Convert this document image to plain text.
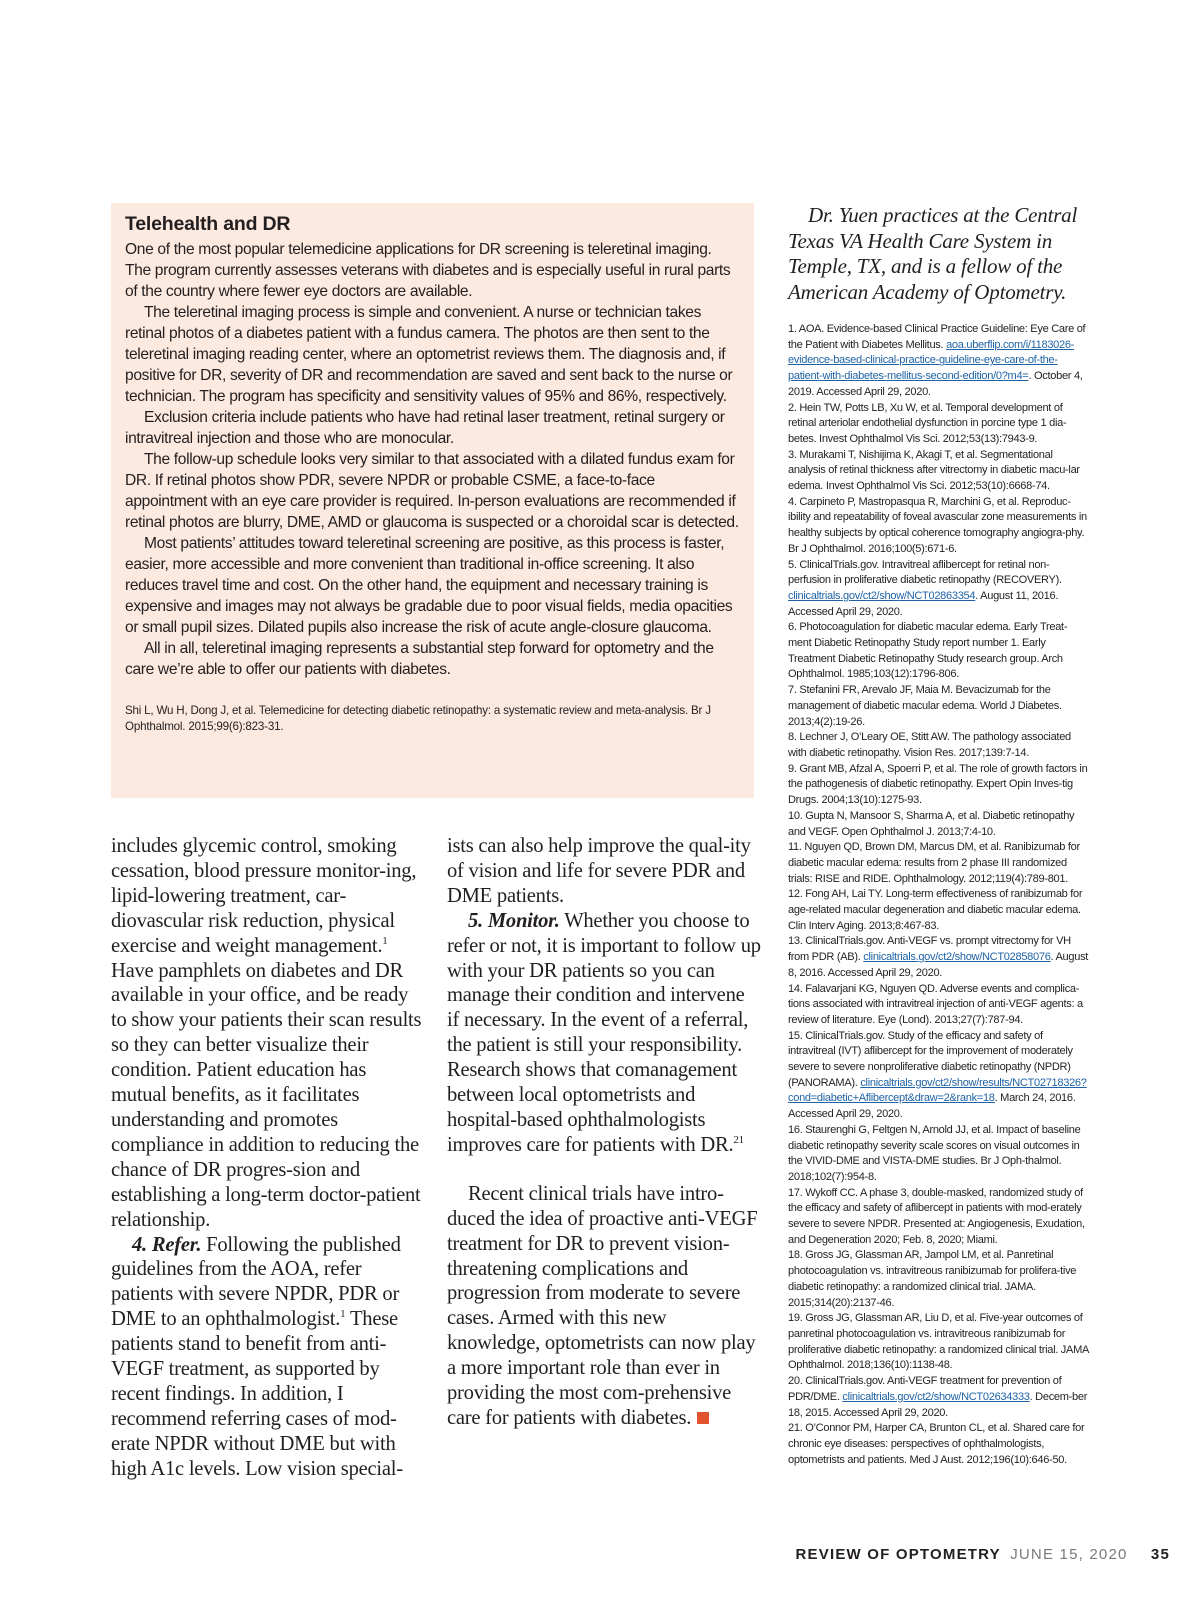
Telehealth and DR

One of the most popular telemedicine applications for DR screening is teleretinal imaging. The program currently assesses veterans with diabetes and is especially useful in rural parts of the country where fewer eye doctors are available.

The teleretinal imaging process is simple and convenient. A nurse or technician takes retinal photos of a diabetes patient with a fundus camera. The photos are then sent to the teleretinal imaging reading center, where an optometrist reviews them. The diagnosis and, if positive for DR, severity of DR and recommendation are saved and sent back to the nurse or technician. The program has specificity and sensitivity values of 95% and 86%, respectively.

Exclusion criteria include patients who have had retinal laser treatment, retinal surgery or intravitreal injection and those who are monocular.

The follow-up schedule looks very similar to that associated with a dilated fundus exam for DR. If retinal photos show PDR, severe NPDR or probable CSME, a face-to-face appointment with an eye care provider is required. In-person evaluations are recommended if retinal photos are blurry, DME, AMD or glaucoma is suspected or a choroidal scar is detected.

Most patients’ attitudes toward teleretinal screening are positive, as this process is faster, easier, more accessible and more convenient than traditional in-office screening. It also reduces travel time and cost. On the other hand, the equipment and necessary training is expensive and images may not always be gradable due to poor visual fields, media opacities or small pupil sizes. Dilated pupils also increase the risk of acute angle-closure glaucoma.

All in all, teleretinal imaging represents a substantial step forward for optometry and the care we’re able to offer our patients with diabetes.

Shi L, Wu H, Dong J, et al. Telemedicine for detecting diabetic retinopathy: a systematic review and meta-analysis. Br J Ophthalmol. 2015;99(6):823-31.

includes glycemic control, smoking cessation, blood pressure monitor-ing, lipid-lowering treatment, car-diovascular risk reduction, physical exercise and weight management.$^1$ Have pamphlets on diabetes and DR available in your office, and be ready to show your patients their scan results so they can better visualize their condition. Patient education has mutual benefits, as it facilitates understanding and promotes compliance in addition to reducing the chance of DR progres-sion and establishing a long-term doctor-patient relationship.

4. Refer. Following the published guidelines from the AOA, refer patients with severe NPDR, PDR or DME to an ophthalmologist.$^1$ These patients stand to benefit from anti-VEGF treatment, as supported by recent findings. In addition, I recommend referring cases of mod-erate NPDR without DME but with high A1c levels. Low vision special-

ists can also help improve the qual-ity of vision and life for severe PDR and DME patients.

5. Monitor. Whether you choose to refer or not, it is important to follow up with your DR patients so you can manage their condition and intervene if necessary. In the event of a referral, the patient is still your responsibility. Research shows that comanagement between local optometrists and hospital-based ophthalmologists improves care for patients with DR.$^{21}$

Recent clinical trials have intro-duced the idea of proactive anti-VEGF treatment for DR to prevent vision-threatening complications and progression from moderate to severe cases. Armed with this new knowledge, optometrists can now play a more important role than ever in providing the most com-prehensive care for patients with diabetes.

Dr. Yuen practices at the Central Texas VA Health Care System in Temple, TX, and is a fellow of the American Academy of Optometry.

1. AOA. Evidence-based Clinical Practice Guideline: Eye Care of the Patient with Diabetes Mellitus. aoa.uberflip.com/i/1183026-evidence-based-clinical-practice-guideline-eye-care-of-the-patient-with-diabetes-mellitus-second-edition/0?m4=. October 4, 2019. Accessed April 29, 2020.
2. Hein TW, Potts LB, Xu W, et al. Temporal development of retinal arteriolar endothelial dysfunction in porcine type 1 dia-betes. Invest Ophthalmol Vis Sci. 2012;53(13):7943-9.
3. Murakami T, Nishijima K, Akagi T, et al. Segmentational analysis of retinal thickness after vitrectomy in diabetic macu-lar edema. Invest Ophthalmol Vis Sci. 2012;53(10):6668-74.
4. Carpineto P, Mastropasqua R, Marchini G, et al. Reproduc-ibility and repeatability of foveal avascular zone measurements in healthy subjects by optical coherence tomography angiogra-phy. Br J Ophthalmol. 2016;100(5):671-6.
5. ClinicalTrials.gov. Intravitreal aflibercept for retinal non-perfusion in proliferative diabetic retinopathy (RECOVERY). clinicaltrials.gov/ct2/show/NCT02863354. August 11, 2016. Accessed April 29, 2020.
6. Photocoagulation for diabetic macular edema. Early Treat-ment Diabetic Retinopathy Study report number 1. Early Treatment Diabetic Retinopathy Study research group. Arch Ophthalmol. 1985;103(12):1796-806.
7. Stefanini FR, Arevalo JF, Maia M. Bevacizumab for the management of diabetic macular edema. World J Diabetes. 2013;4(2):19-26.
8. Lechner J, O’Leary OE, Stitt AW. The pathology associated with diabetic retinopathy. Vision Res. 2017;139:7-14.
9. Grant MB, Afzal A, Spoerri P, et al. The role of growth factors in the pathogenesis of diabetic retinopathy. Expert Opin Inves-tig Drugs. 2004;13(10):1275-93.
10. Gupta N, Mansoor S, Sharma A, et al. Diabetic retinopathy and VEGF. Open Ophthalmol J. 2013;7:4-10.
11. Nguyen QD, Brown DM, Marcus DM, et al. Ranibizumab for diabetic macular edema: results from 2 phase III randomized trials: RISE and RIDE. Ophthalmology. 2012;119(4):789-801.
12. Fong AH, Lai TY. Long-term effectiveness of ranibizumab for age-related macular degeneration and diabetic macular edema. Clin Interv Aging. 2013;8:467-83.
13. ClinicalTrials.gov. Anti-VEGF vs. prompt vitrectomy for VH from PDR (AB). clinicaltrials.gov/ct2/show/NCT02858076. August 8, 2016. Accessed April 29, 2020.
14. Falavarjani KG, Nguyen QD. Adverse events and complica-tions associated with intravitreal injection of anti-VEGF agents: a review of literature. Eye (Lond). 2013;27(7):787-94.
15. ClinicalTrials.gov. Study of the efficacy and safety of intravitreal (IVT) aflibercept for the improvement of moderately severe to severe nonproliferative diabetic retinopathy (NPDR) (PANORAMA). clinicaltrials.gov/ct2/show/results/NCT02718326?cond=diabetic+Aflibercept&draw=2&rank=18. March 24, 2016. Accessed April 29, 2020.
16. Staurenghi G, Feltgen N, Arnold JJ, et al. Impact of baseline diabetic retinopathy severity scale scores on visual outcomes in the VIVID-DME and VISTA-DME studies. Br J Oph-thalmol. 2018;102(7):954-8.
17. Wykoff CC. A phase 3, double-masked, randomized study of the efficacy and safety of aflibercept in patients with mod-erately severe to severe NPDR. Presented at: Angiogenesis, Exudation, and Degeneration 2020; Feb. 8, 2020; Miami.
18. Gross JG, Glassman AR, Jampol LM, et al. Panretinal photocoagulation vs. intravitreous ranibizumab for prolifera-tive diabetic retinopathy: a randomized clinical trial. JAMA. 2015;314(20):2137-46.
19. Gross JG, Glassman AR, Liu D, et al. Five-year outcomes of panretinal photocoagulation vs. intravitreous ranibizumab for proliferative diabetic retinopathy: a randomized clinical trial. JAMA Ophthalmol. 2018;136(10):1138-48.
20. ClinicalTrials.gov. Anti-VEGF treatment for prevention of PDR/DME. clinicaltrials.gov/ct2/show/NCT02634333. Decem-ber 18, 2015. Accessed April 29, 2020.
21. O’Connor PM, Harper CA, Brunton CL, et al. Shared care for chronic eye diseases: perspectives of ophthalmologists, optometrists and patients. Med J Aust. 2012;196(10):646-50.
REVIEW OF OPTOMETRY JUNE 15, 2020 35
